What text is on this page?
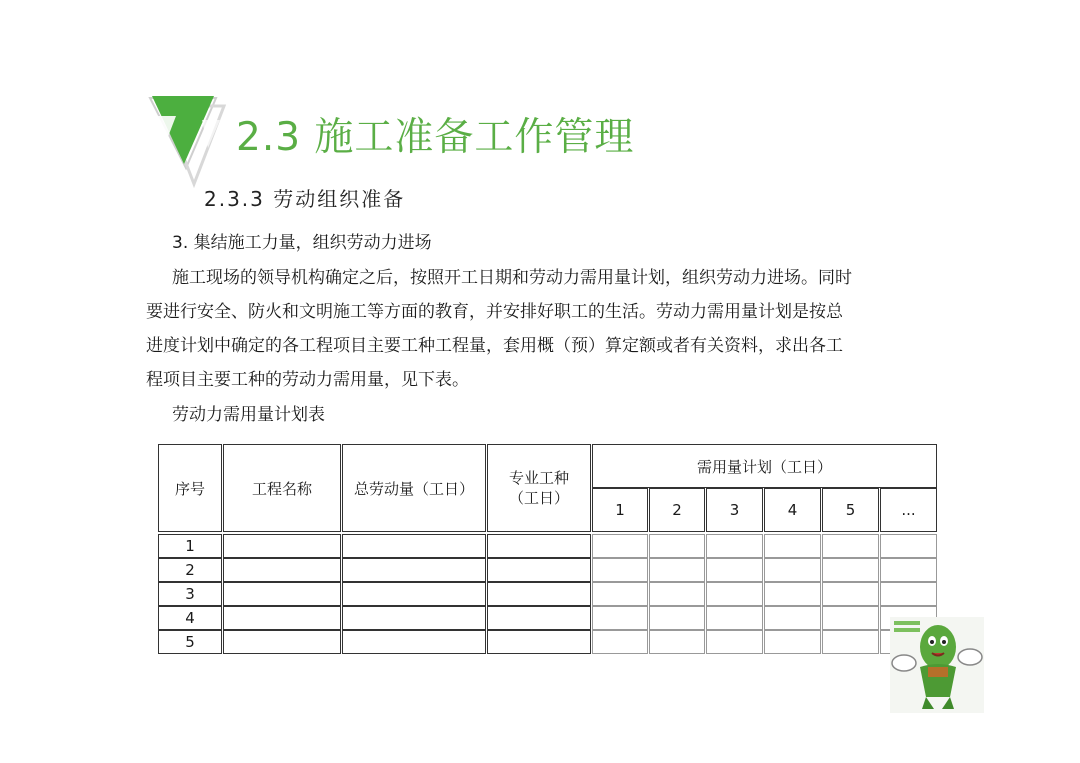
2.3 施工准备工作管理
2.3.3 劳动组织准备
3. 集结施工力量，组织劳动力进场

施工现场的领导机构确定之后，按照开工日期和劳动力需用量计划，组织劳动力进场。同时

要进行安全、防火和文明施工等方面的教育，并安排好职工的生活。劳动力需用量计划是按总

进度计划中确定的各工程项目主要工种工程量，套用概（预）算定额或者有关资料，求出各工

程项目主要工种的劳动力需用量，见下表。

劳动力需用量计划表
序号	工程名称	总劳动量（工日）	专业工种（工日）	需用量计划（工日）					
				1	2	3	4	5	...

1									
2									
3									
4									
5									
